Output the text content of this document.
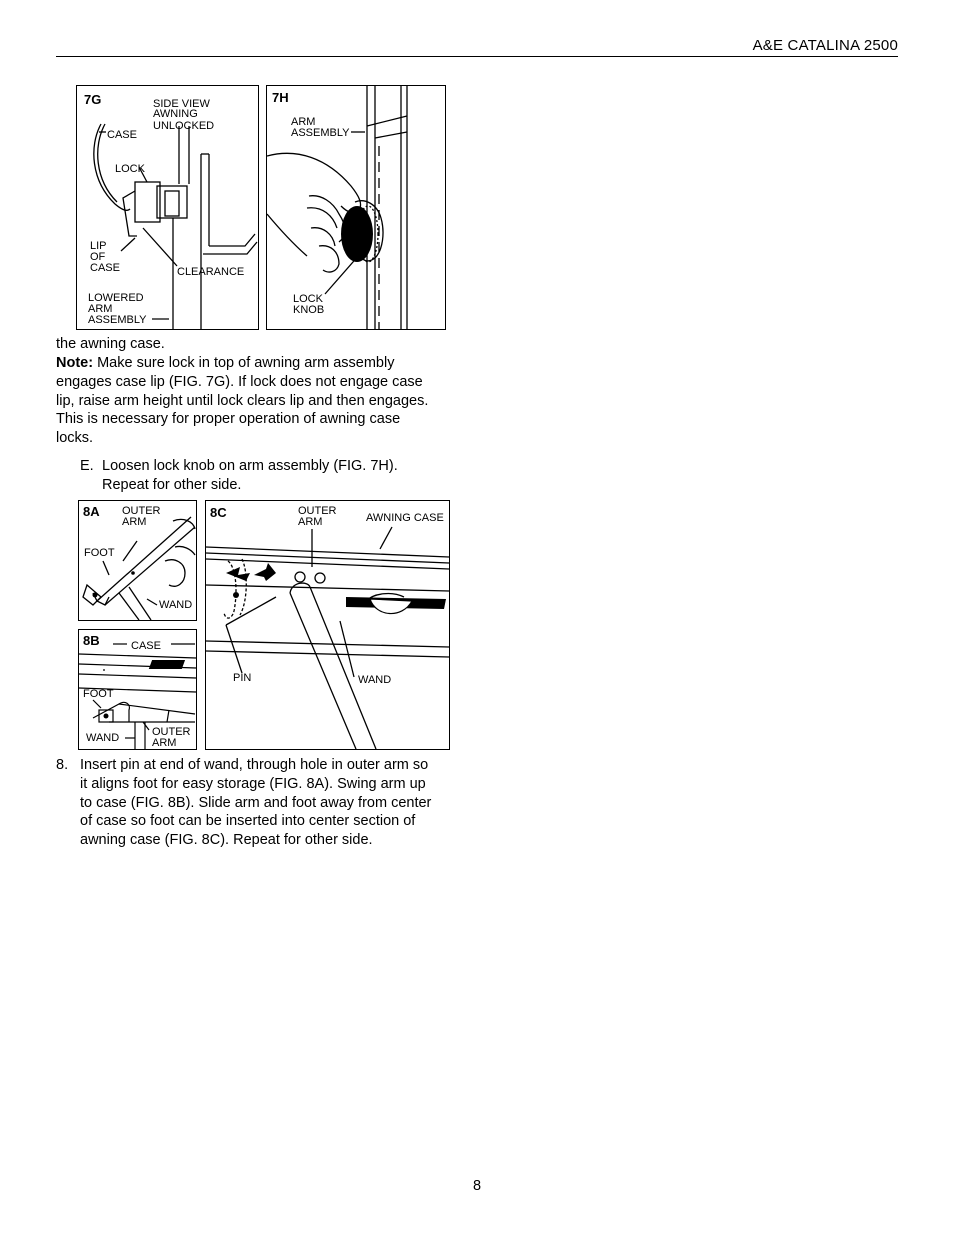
A&E CATALINA 2500
7G	SIDE VIEW
AWNING
UNLOCKED
CASE
LOCK
LIP
OF
CASE	CLEARANCE
LOWERED
ARM
ASSEMBLY
7H
ARM
ASSEMBLY
LOCK
KNOB
the awning case.
Note: Make sure lock in top of awning arm assembly
engages case lip (FIG. 7G). If lock does not engage case
lip, raise arm height until lock clears lip and then engages.
This is necessary for proper operation of awning case
locks.
E. Loosen lock knob on arm assembly (FIG. 7H).
Repeat for other side.
8A OUTER
ARM
FOOT
WAND
8B	CASE
FOOT
WAND	OUTER
ARM
8C	OUTER
ARM	AWNING CASE
PIN	WAND
8. Insert pin at end of wand, through hole in outer arm so
it aligns foot for easy storage (FIG. 8A). Swing arm up
to case (FIG. 8B). Slide arm and foot away from center
of case so foot can be inserted into center section of
awning case (FIG. 8C). Repeat for other side.
8
